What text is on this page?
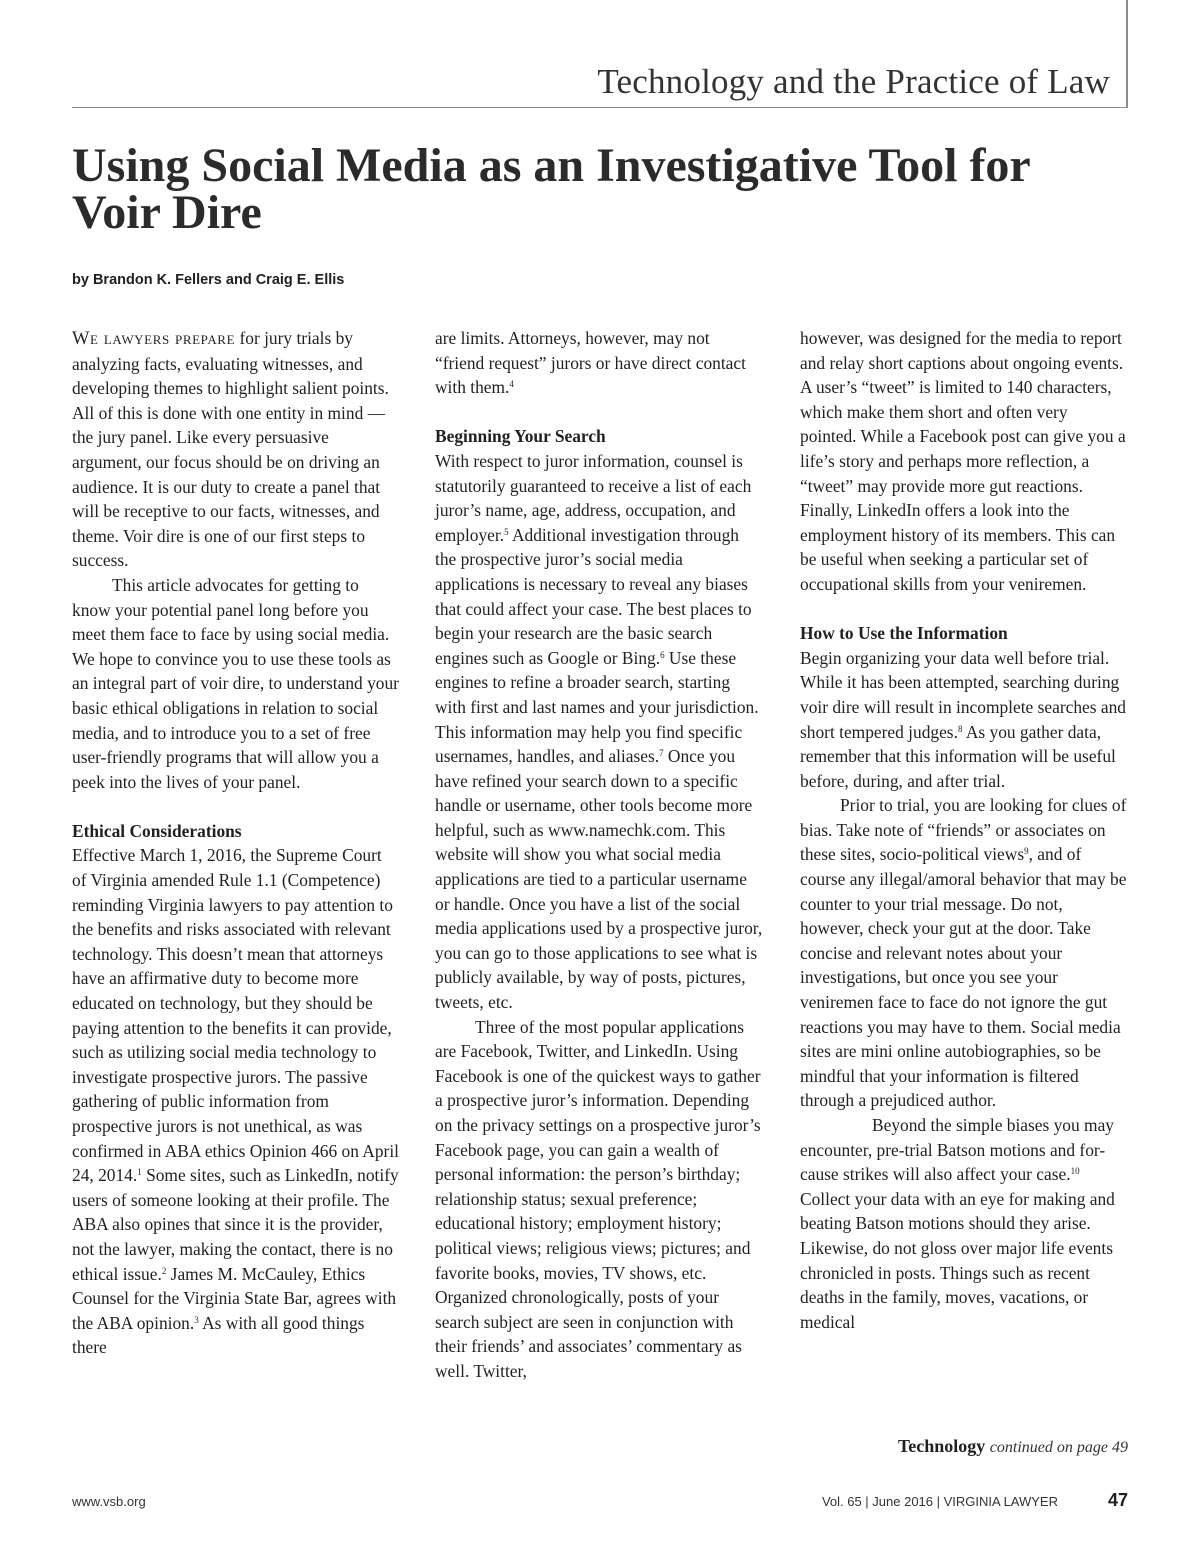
Technology and the Practice of Law
Using Social Media as an Investigative Tool for Voir Dire
by Brandon K. Fellers and Craig E. Ellis

We lawyers prepare for jury trials by analyzing facts, evaluating witnesses, and developing themes to highlight salient points. All of this is done with one entity in mind — the jury panel. Like every persuasive argument, our focus should be on driving an audience. It is our duty to create a panel that will be receptive to our facts, witnesses, and theme. Voir dire is one of our first steps to success.

This article advocates for getting to know your potential panel long before you meet them face to face by using social media. We hope to convince you to use these tools as an integral part of voir dire, to understand your basic ethical obligations in relation to social media, and to introduce you to a set of free user-friendly programs that will allow you a peek into the lives of your panel.

Ethical Considerations

Effective March 1, 2016, the Supreme Court of Virginia amended Rule 1.1 (Competence) reminding Virginia lawyers to pay attention to the benefits and risks associated with relevant technology. This doesn’t mean that attorneys have an affirmative duty to become more educated on technology, but they should be paying attention to the benefits it can provide, such as utilizing social media technology to investigate prospective jurors. The passive gathering of public information from prospective jurors is not unethical, as was confirmed in ABA ethics Opinion 466 on April 24, 2014.$^1$ Some sites, such as LinkedIn, notify users of someone looking at their profile. The ABA also opines that since it is the provider, not the lawyer, making the contact, there is no ethical issue.$^2$ James M. McCauley, Ethics Counsel for the Virginia State Bar, agrees with the ABA opinion.$^3$ As with all good things there

are limits. Attorneys, however, may not “friend request” jurors or have direct contact with them.$^4$

Beginning Your Search

With respect to juror information, counsel is statutorily guaranteed to receive a list of each juror’s name, age, address, occupation, and employer.$^5$ Additional investigation through the prospective juror’s social media applications is necessary to reveal any biases that could affect your case. The best places to begin your research are the basic search engines such as Google or Bing.$^6$ Use these engines to refine a broader search, starting with first and last names and your jurisdiction. This information may help you find specific usernames, handles, and aliases.$^7$ Once you have refined your search down to a specific handle or username, other tools become more helpful, such as www.namechk.com. This website will show you what social media applications are tied to a particular username or handle. Once you have a list of the social media applications used by a prospective juror, you can go to those applications to see what is publicly available, by way of posts, pictures, tweets, etc.

Three of the most popular applications are Facebook, Twitter, and LinkedIn. Using Facebook is one of the quickest ways to gather a prospective juror’s information. Depending on the privacy settings on a prospective juror’s Facebook page, you can gain a wealth of personal information: the person’s birthday; relationship status; sexual preference; educational history; employment history; political views; religious views; pictures; and favorite books, movies, TV shows, etc. Organized chronologically, posts of your search subject are seen in conjunction with their friends’ and associates’ commentary as well. Twitter,

however, was designed for the media to report and relay short captions about ongoing events. A user’s “tweet” is limited to 140 characters, which make them short and often very pointed. While a Facebook post can give you a life’s story and perhaps more reflection, a “tweet” may provide more gut reactions. Finally, LinkedIn offers a look into the employment history of its members. This can be useful when seeking a particular set of occupational skills from your veniremen.

How to Use the Information

Begin organizing your data well before trial. While it has been attempted, searching during voir dire will result in incomplete searches and short tempered judges.$^8$ As you gather data, remember that this information will be useful before, during, and after trial.

Prior to trial, you are looking for clues of bias. Take note of “friends” or associates on these sites, socio-political views$^9$, and of course any illegal/amoral behavior that may be counter to your trial message. Do not, however, check your gut at the door. Take concise and relevant notes about your investigations, but once you see your veniremen face to face do not ignore the gut reactions you may have to them. Social media sites are mini online autobiographies, so be mindful that your information is filtered through a prejudiced author.

Beyond the simple biases you may encounter, pre-trial Batson motions and for-cause strikes will also affect your case.$^{10}$ Collect your data with an eye for making and beating Batson motions should they arise. Likewise, do not gloss over major life events chronicled in posts. Things such as recent deaths in the family, moves, vacations, or medical

Technology continued on page 49
www.vsb.org	Vol. 65 | June 2016 | VIRGINIA LAWYER	47
